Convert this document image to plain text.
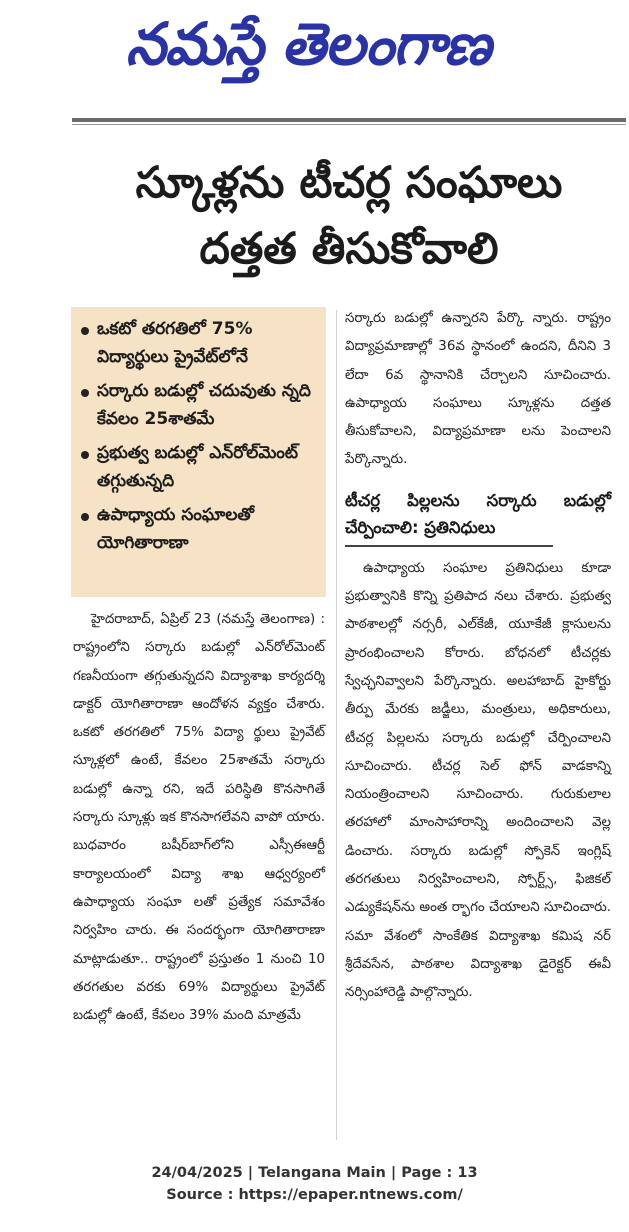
నమస్తే తెలంగాణ
స్కూళ్లను టీచర్ల సంఘాలు
దత్తత తీసుకోవాలి
ఒకటో తరగతిలో 75% విద్యార్థులు ప్రైవేట్‌లోనే
సర్కారు బడుల్లో చదువుతు న్నది కేవలం 25శాతమే
ప్రభుత్వ బడుల్లో ఎన్‌రోల్‌మెంట్ తగ్గుతున్నది
ఉపాధ్యాయ సంఘాలతో యోగితారాణా

హైదరాబాద్, ఏప్రిల్ 23 (నమస్తే తెలంగాణ) : రాష్ట్రంలోని సర్కారు బడుల్లో ఎన్‌రోల్‌మెంట్ గణనీయంగా తగ్గుతున్నదని విద్యాశాఖ కార్యదర్శి డాక్టర్ యోగితారాణా ఆందోళన వ్యక్తం చేశారు. ఒకటో తరగతిలో 75% విద్యా ర్థులు ప్రైవేట్ స్కూళ్లలో ఉంటే, కేవలం 25శాతమే సర్కారు బడుల్లో ఉన్నా రని, ఇదే పరిస్థితి కొనసాగితే సర్కారు స్కూళ్లు ఇక కొనసాగలేవని వాపో యారు. బుధవారం బషీర్‌బాగ్‌లోని ఎస్సీఈఆర్టీ కార్యాలయంలో విద్యా శాఖ ఆధ్వర్యంలో ఉపాధ్యాయ సంఘా లతో ప్రత్యేక సమావేశం నిర్వహిం చారు. ఈ సందర్భంగా యోగితారాణా మాట్లాడుతూ.. రాష్ట్రంలో ప్రస్తుతం 1 నుంచి 10 తరగతుల వరకు 69% విద్యార్థులు ప్రైవేట్ బడుల్లో ఉంటే, కేవలం 39% మంది మాత్రమే

సర్కారు బడుల్లో ఉన్నారని పేర్కొ న్నారు. రాష్ట్రం విద్యాప్రమాణాల్లో 36వ స్థానంలో ఉందని, దీనిని 3 లేదా 6వ స్థానానికి చేర్చాలని సూచించారు. ఉపాధ్యాయ సంఘాలు స్కూళ్లను దత్తత తీసుకోవాలని, విద్యాప్రమాణా లను పెంచాలని పేర్కొన్నారు.

టీచర్ల పిల్లలను సర్కారు బడుల్లో చేర్పించాలి: ప్రతినిధులు

ఉపాధ్యాయ సంఘాల ప్రతినిధులు కూడా ప్రభుత్వానికి కొన్ని ప్రతిపాద నలు చేశారు. ప్రభుత్వ పాఠశాలల్లో నర్సరీ, ఎల్‌కేజీ, యూకేజీ క్లాసులను ప్రారంభించాలని కోరారు. బోధనలో టీచర్లకు స్వేచ్ఛనివ్వాలని పేర్కొన్నారు. అలహాబాద్ హైకోర్టు తీర్పు మేరకు జడ్జీలు, మంత్రులు, అధికారులు, టీచర్ల పిల్లలను సర్కారు బడుల్లో చేర్పించాలని సూచించారు. టీచర్ల సెల్ ఫోన్ వాడకాన్ని నియంత్రించాలని సూచించారు. గురుకులాల తరహాలో మాంసాహారాన్ని అందించాలని వెల్ల డించారు. సర్కారు బడుల్లో స్పోకెన్ ఇంగ్లిష్ తరగతులు నిర్వహించాలని, స్పోర్ట్స్, ఫిజికల్ ఎడ్యుకేషన్‌ను అంత ర్భాగం చేయాలని సూచించారు. సమా వేశంలో సాంకేతిక విద్యాశాఖ కమిష నర్ శ్రీదేవసేన, పాఠశాల విద్యాశాఖ డైరెక్టర్ ఈవీ నర్సింహారెడ్డి పాల్గొన్నారు.

24/04/2025 | Telangana Main | Page : 13
Source : https://epaper.ntnews.com/
